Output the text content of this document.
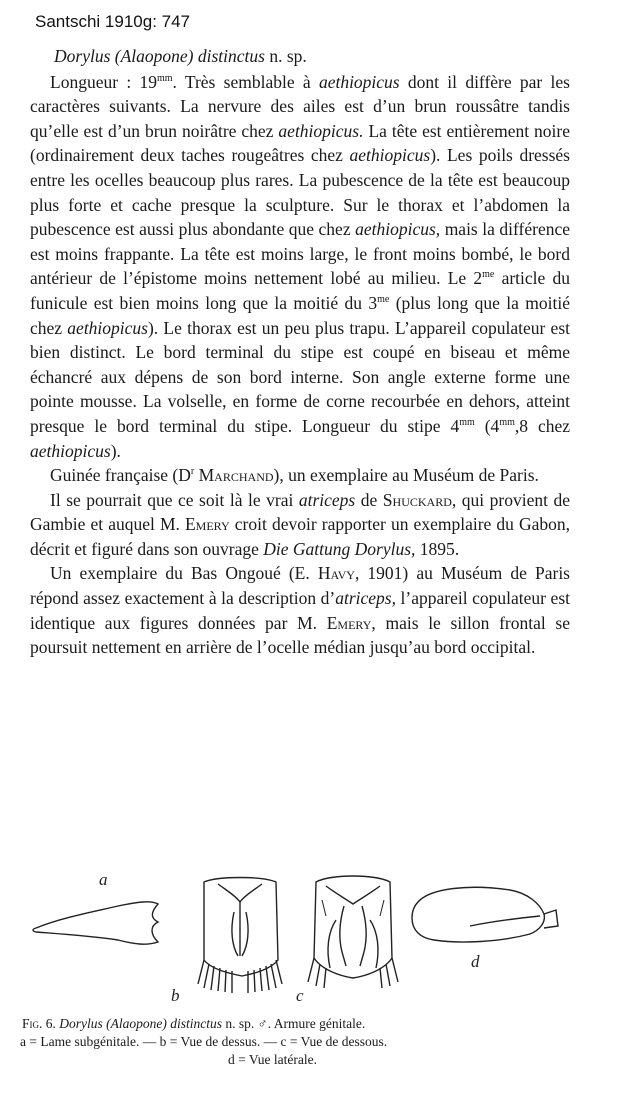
Santschi 1910g: 747
Dorylus (Alaopone) distinctus n. sp.

Longueur : $19^{mm}$. Très semblable à aethiopicus dont il diffère par les caractères suivants. La nervure des ailes est d’un brun roussâtre tandis qu’elle est d’un brun noirâtre chez aethiopicus. La tête est entièrement noire (ordinairement deux taches rougeâtres chez aethiopicus). Les poils dressés entre les ocelles beaucoup plus rares. La pubescence de la tête est beaucoup plus forte et cache presque la sculpture. Sur le thorax et l’abdomen la pubescence est aussi plus abondante que chez aethiopicus, mais la différence est moins frappante. La tête est moins large, le front moins bombé, le bord antérieur de l’épistome moins nettement lobé au milieu. Le $2^{me}$ article du funicule est bien moins long que la moitié du $3^{me}$ (plus long que la moitié chez aethiopicus). Le thorax est un peu plus trapu. L’appareil copulateur est bien distinct. Le bord terminal du stipe est coupé en biseau et même échancré aux dépens de son bord interne. Son angle externe forme une pointe mousse. La volselle, en forme de corne recourbée en dehors, atteint presque le bord terminal du stipe. Longueur du stipe $4^{mm}$ ($4^{mm},8$ chez aethiopicus).

Guinée française ($D^r$ Marchand), un exemplaire au Muséum de Paris.

Il se pourrait que ce soit là le vrai atriceps de Shuckard, qui provient de Gambie et auquel M. Emery croit devoir rapporter un exemplaire du Gabon, décrit et figuré dans son ouvrage Die Gattung Dorylus, 1895.

Un exemplaire du Bas Ongoué (E. Havy, 1901) au Muséum de Paris répond assez exactement à la description d’atriceps, l’appareil copulateur est identique aux figures données par M. Emery, mais le sillon frontal se poursuit nettement en arrière de l’ocelle médian jusqu’au bord occipital.

a
b	c
d
Fig. 6. Dorylus (Alaopone) distinctus n. sp. ♂. Armure génitale.
a = Lame subgénitale. — b = Vue de dessus. — c = Vue de dessous.
d = Vue latérale.
